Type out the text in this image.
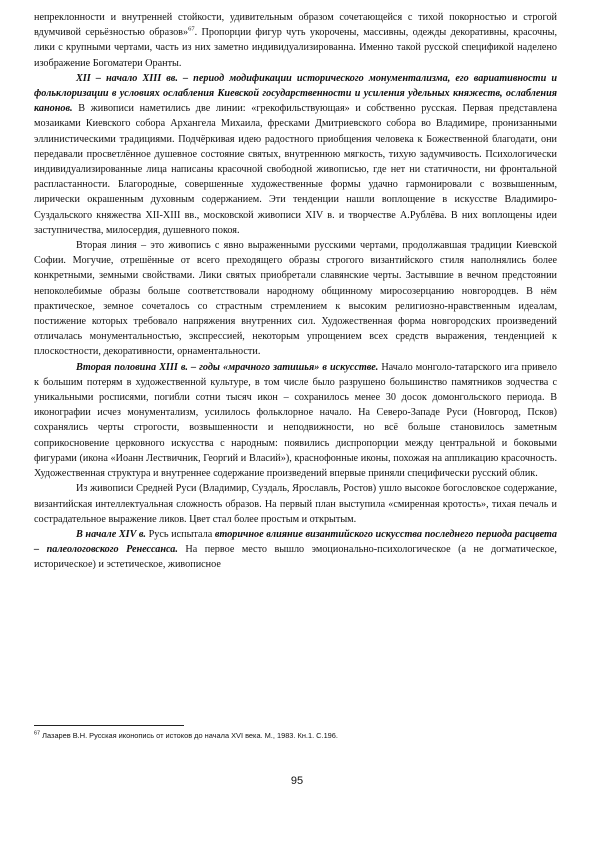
непреклонности и внутренней стойкости, удивительным образом сочетающейся с тихой покорностью и строгой вдумчивой серьёзностью образов»$^{67}$. Пропорции фигур чуть укорочены, массивны, одежды декоративны, красочны, лики с крупными чертами, часть из них заметно индивидуализированна. Именно такой русской спецификой наделено изображение Богоматери Оранты.

XII – начало XIII вв. – период модификации исторического монументализма, его вариативности и фольклоризации в условиях ослабления Киевской государственности и усиления удельных княжеств, ослабления канонов. В живописи наметились две линии: «грекофильствующая» и собственно русская. Первая представлена мозаиками Киевского собора Архангела Михаила, фресками Дмитриевского собора во Владимире, пронизанными эллинистическими традициями. Подчёркивая идею радостного приобщения человека к Божественной благодати, они передавали просветлённое душевное состояние святых, внутреннюю мягкость, тихую задумчивость. Психологически индивидуализированные лица написаны красочной свободной живописью, где нет ни статичности, ни фронтальной распластанности. Благородные, совершенные художественные формы удачно гармонировали с возвышенным, лирически окрашенным духовным содержанием. Эти тенденции нашли воплощение в искусстве Владимиро-Суздальского княжества XII-XIII вв., московской живописи XIV в. и творчестве А.Рублёва. В них воплощены идеи заступничества, милосердия, душевного покоя.

Вторая линия – это живопись с явно выраженными русскими чертами, продолжавшая традиции Киевской Софии. Могучие, отрешённые от всего преходящего образы строгого византийского стиля наполнялись более конкретными, земными свойствами. Лики святых приобретали славянские черты. Застывшие в вечном предстоянии непоколебимые образы больше соответствовали народному общинному миросозерцанию новгородцев. В нём практическое, земное сочеталось со страстным стремлением к высоким религиозно-нравственным идеалам, постижение которых требовало напряжения внутренних сил. Художественная форма новгородских произведений отличалась монументальностью, экспрессией, некоторым упрощением всех средств выражения, тенденцией к плоскостности, декоративности, орнаментальности.

Вторая половина XIII в. – годы «мрачного затишья» в искусстве. Начало монголо-татарского ига привело к большим потерям в художественной культуре, в том числе было разрушено большинство памятников зодчества с уникальными росписями, погибли сотни тысяч икон – сохранилось менее 30 досок домонгольского периода. В иконографии исчез монументализм, усилилось фольклорное начало. На Северо-Западе Руси (Новгород, Псков) сохранялись черты строгости, возвышенности и неподвижности, но всё больше становилось заметным соприкосновение церковного искусства с народным: появились диспропорции между центральной и боковыми фигурами (икона «Иоанн Лествичник, Георгий и Власий»), краснофонные иконы, похожая на аппликацию красочность. Художественная структура и внутреннее содержание произведений впервые приняли специфически русский облик.

Из живописи Средней Руси (Владимир, Суздаль, Ярославль, Ростов) ушло высокое богословское содержание, византийская интеллектуальная сложность образов. На первый план выступила «смиренная кротость», тихая печаль и сострадательное выражение ликов. Цвет стал более простым и открытым.

В начале XIV в. Русь испытала вторичное влияние византийского искусства последнего периода расцвета – палеологовского Ренессанса. На первое место вышло эмоционально-психологическое (а не догматическое, историческое) и эстетическое, живописное

$^{67}$ Лазарев В.Н. Русская иконопись от истоков до начала XVI века. М., 1983. Кн.1. С.196.
95
